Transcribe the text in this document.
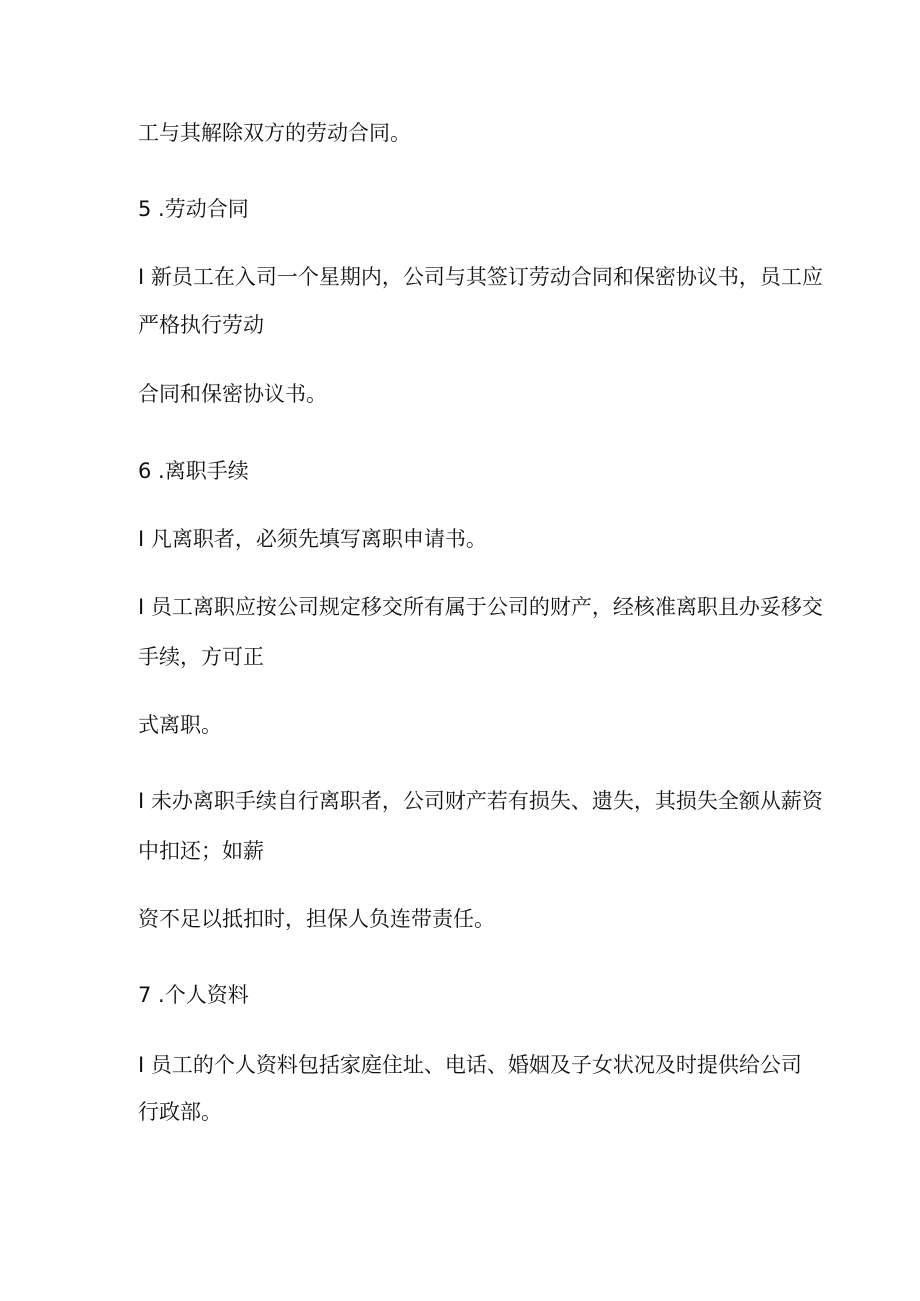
工与其解除双方的劳动合同。
5 .劳动合同
I 新员工在入司一个星期内，公司与其签订劳动合同和保密协议书，员工应
严格执行劳动
合同和保密协议书。
6 .离职手续
I 凡离职者，必须先填写离职申请书。
I 员工离职应按公司规定移交所有属于公司的财产，经核准离职且办妥移交
手续，方可正
式离职。
I 未办离职手续自行离职者，公司财产若有损失、遗失，其损失全额从薪资
中扣还；如薪
资不足以抵扣时，担保人负连带责任。
7 .个人资料
I 员工的个人资料包括家庭住址、电话、婚姻及子女状况及时提供给公司
行政部。
